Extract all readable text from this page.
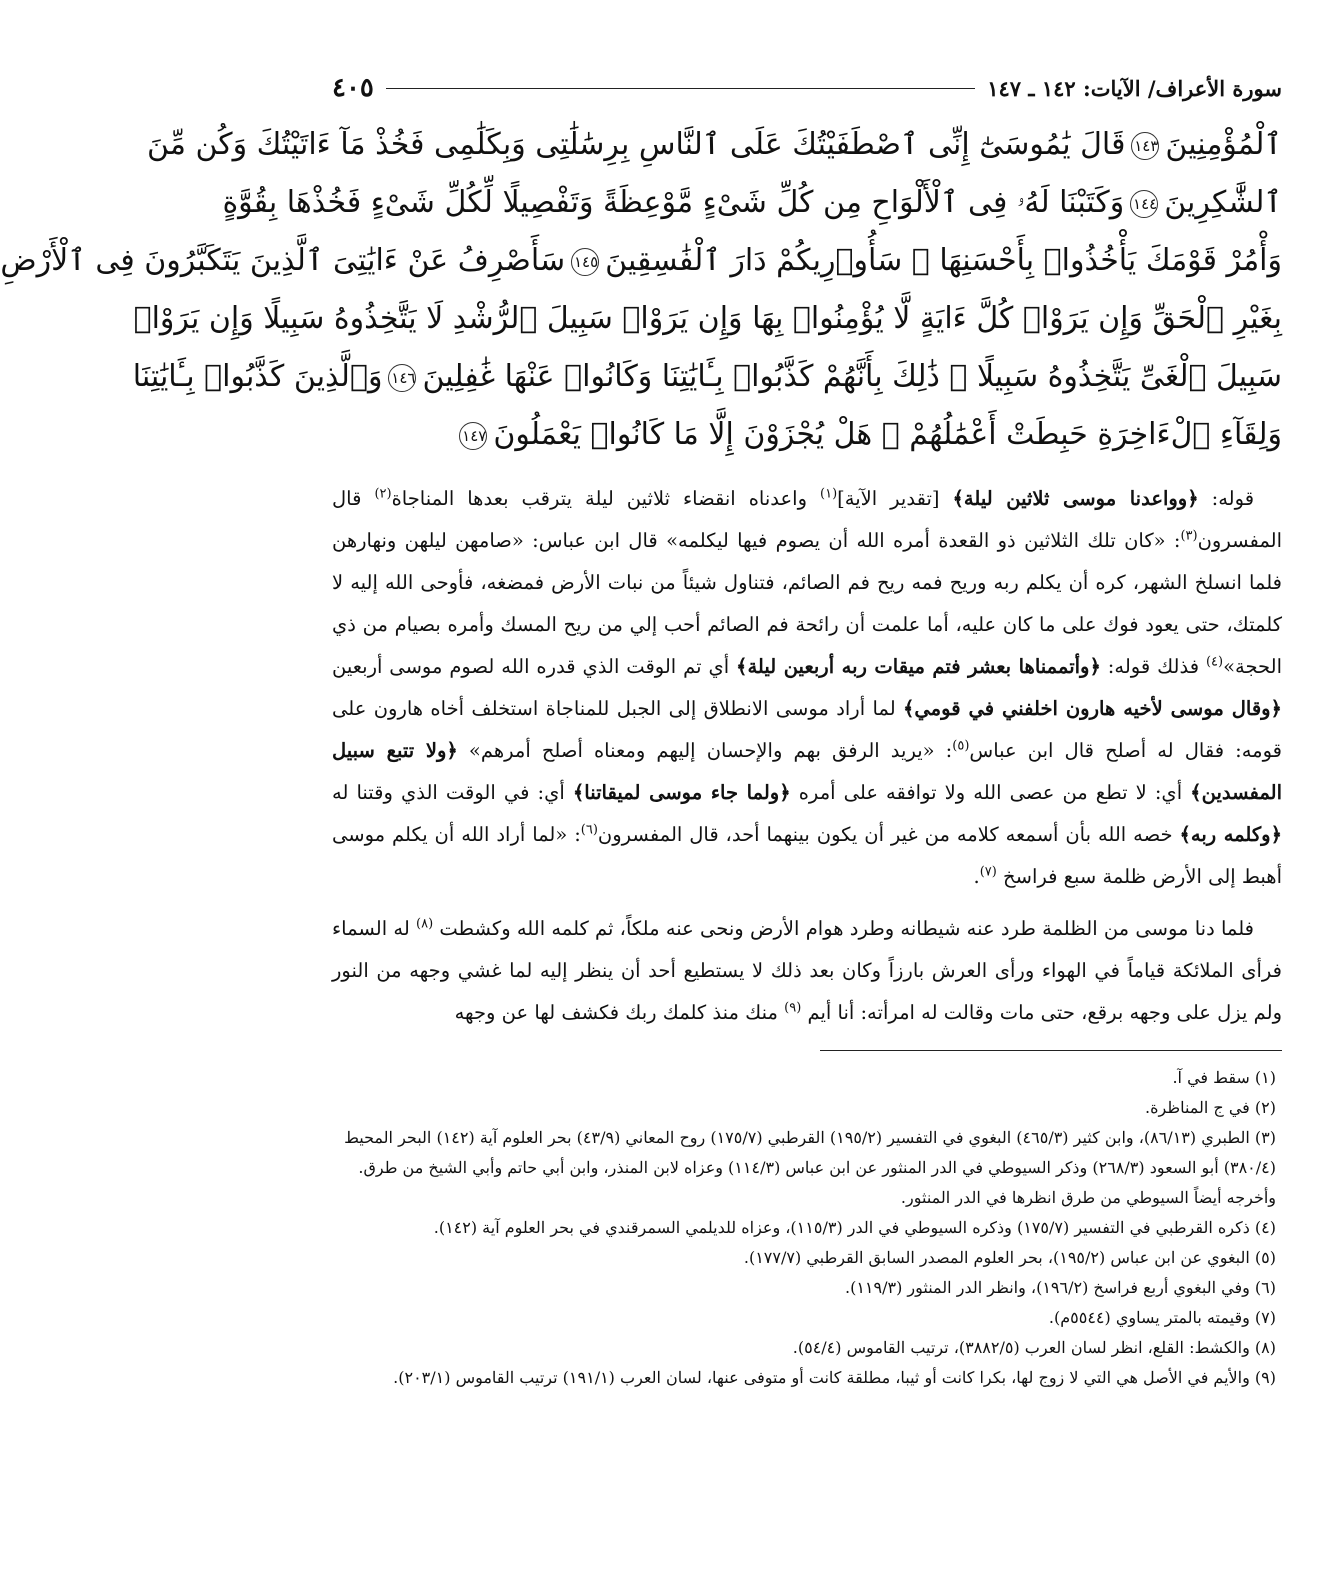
سورة الأعراف/ الآيات: ١٤٢ ـ ١٤٧
٤٠٥
ٱلْمُؤْمِنِينَ١٤٣قَالَ يَٰمُوسَىٰٓ إِنِّى ٱصْطَفَيْتُكَ عَلَى ٱلنَّاسِ بِرِسَٰلَٰتِى وَبِكَلَٰمِى فَخُذْ مَآ ءَاتَيْتُكَ وَكُن مِّنَ
ٱلشَّٰكِرِينَ١٤٤وَكَتَبْنَا لَهُۥ فِى ٱلْأَلْوَاحِ مِن كُلِّ شَىْءٍ مَّوْعِظَةً وَتَفْصِيلًا لِّكُلِّ شَىْءٍ فَخُذْهَا بِقُوَّةٍ
وَأْمُرْ قَوْمَكَ يَأْخُذُوا۟ بِأَحْسَنِهَا ۚ سَأُو۟رِيكُمْ دَارَ ٱلْفَٰسِقِينَ١٤٥سَأَصْرِفُ عَنْ ءَايَٰتِىَ ٱلَّذِينَ يَتَكَبَّرُونَ فِى ٱلْأَرْضِ
بِغَيْرِ ٱلْحَقِّ وَإِن يَرَوْا۟ كُلَّ ءَايَةٍ لَّا يُؤْمِنُوا۟ بِهَا وَإِن يَرَوْا۟ سَبِيلَ ٱلرُّشْدِ لَا يَتَّخِذُوهُ سَبِيلًا وَإِن يَرَوْا۟
سَبِيلَ ٱلْغَىِّ يَتَّخِذُوهُ سَبِيلًا ۚ ذَٰلِكَ بِأَنَّهُمْ كَذَّبُوا۟ بِـَٔايَٰتِنَا وَكَانُوا۟ عَنْهَا غَٰفِلِينَ١٤٦وَٱلَّذِينَ كَذَّبُوا۟ بِـَٔايَٰتِنَا
وَلِقَآءِ ٱلْءَاخِرَةِ حَبِطَتْ أَعْمَٰلُهُمْ ۚ هَلْ يُجْزَوْنَ إِلَّا مَا كَانُوا۟ يَعْمَلُونَ١٤٧

قوله: ﴿وواعدنا موسى ثلاثين ليلة﴾ [تقدير الآية]$^{(١)}$ واعدناه انقضاء ثلاثين ليلة يترقب بعدها المناجاة$^{(٢)}$ قال المفسرون$^{(٣)}$: «كان تلك الثلاثين ذو القعدة أمره الله أن يصوم فيها ليكلمه» قال ابن عباس: «صامهن ليلهن ونهارهن فلما انسلخ الشهر، كره أن يكلم ربه وريح فمه ريح فم الصائم، فتناول شيئاً من نبات الأرض فمضغه، فأوحى الله إليه لا كلمتك، حتى يعود فوك على ما كان عليه، أما علمت أن رائحة فم الصائم أحب إلي من ريح المسك وأمره بصيام من ذي الحجة»$^{(٤)}$ فذلك قوله: ﴿وأتممناها بعشر فتم ميقات ربه أربعين ليلة﴾ أي تم الوقت الذي قدره الله لصوم موسى أربعين ﴿وقال موسى لأخيه هارون اخلفني في قومي﴾ لما أراد موسى الانطلاق إلى الجبل للمناجاة استخلف أخاه هارون على قومه: فقال له أصلح قال ابن عباس$^{(٥)}$: «يريد الرفق بهم والإحسان إليهم ومعناه أصلح أمرهم» ﴿ولا تتبع سبيل المفسدين﴾ أي: لا تطع من عصى الله ولا توافقه على أمره ﴿ولما جاء موسى لميقاتنا﴾ أي: في الوقت الذي وقتنا له ﴿وكلمه ربه﴾ خصه الله بأن أسمعه كلامه من غير أن يكون بينهما أحد، قال المفسرون$^{(٦)}$: «لما أراد الله أن يكلم موسى أهبط إلى الأرض ظلمة سبع فراسخ $^{(٧)}$.

فلما دنا موسى من الظلمة طرد عنه شيطانه وطرد هوام الأرض ونحى عنه ملكاً، ثم كلمه الله وكشطت $^{(٨)}$ له السماء فرأى الملائكة قياماً في الهواء ورأى العرش بارزاً وكان بعد ذلك لا يستطيع أحد أن ينظر إليه لما غشي وجهه من النور ولم يزل على وجهه برقع، حتى مات وقالت له امرأته: أنا أيم $^{(٩)}$ منك منذ كلمك ربك فكشف لها عن وجهه

(١) سقط في آ.
(٢) في ج المناظرة.
(٣) الطبري (٨٦/١٣)، وابن كثير (٤٦٥/٣) البغوي في التفسير (١٩٥/٢) القرطبي (١٧٥/٧) روح المعاني (٤٣/٩) بحر العلوم آية (١٤٢) البحر المحيط (٣٨٠/٤) أبو السعود (٢٦٨/٣) وذكر السيوطي في الدر المنثور عن ابن عباس (١١٤/٣) وعزاه لابن المنذر، وابن أبي حاتم وأبي الشيخ من طرق. وأخرجه أيضاً السيوطي من طرق انظرها في الدر المنثور.
(٤) ذكره القرطبي في التفسير (١٧٥/٧) وذكره السيوطي في الدر (١١٥/٣)، وعزاه للديلمي السمرقندي في بحر العلوم آية (١٤٢).
(٥) البغوي عن ابن عباس (١٩٥/٢)، بحر العلوم المصدر السابق القرطبي (١٧٧/٧).
(٦) وفي البغوي أربع فراسخ (١٩٦/٢)، وانظر الدر المنثور (١١٩/٣).
(٧) وقيمته بالمتر يساوي (٥٥٤٤م).
(٨) والكشط: القلع، انظر لسان العرب (٣٨٨٢/٥)، ترتيب القاموس (٥٤/٤).
(٩) والأيم في الأصل هي التي لا زوج لها، بكرا كانت أو ثيبا، مطلقة كانت أو متوفى عنها، لسان العرب (١٩١/١) ترتيب القاموس (٢٠٣/١).
